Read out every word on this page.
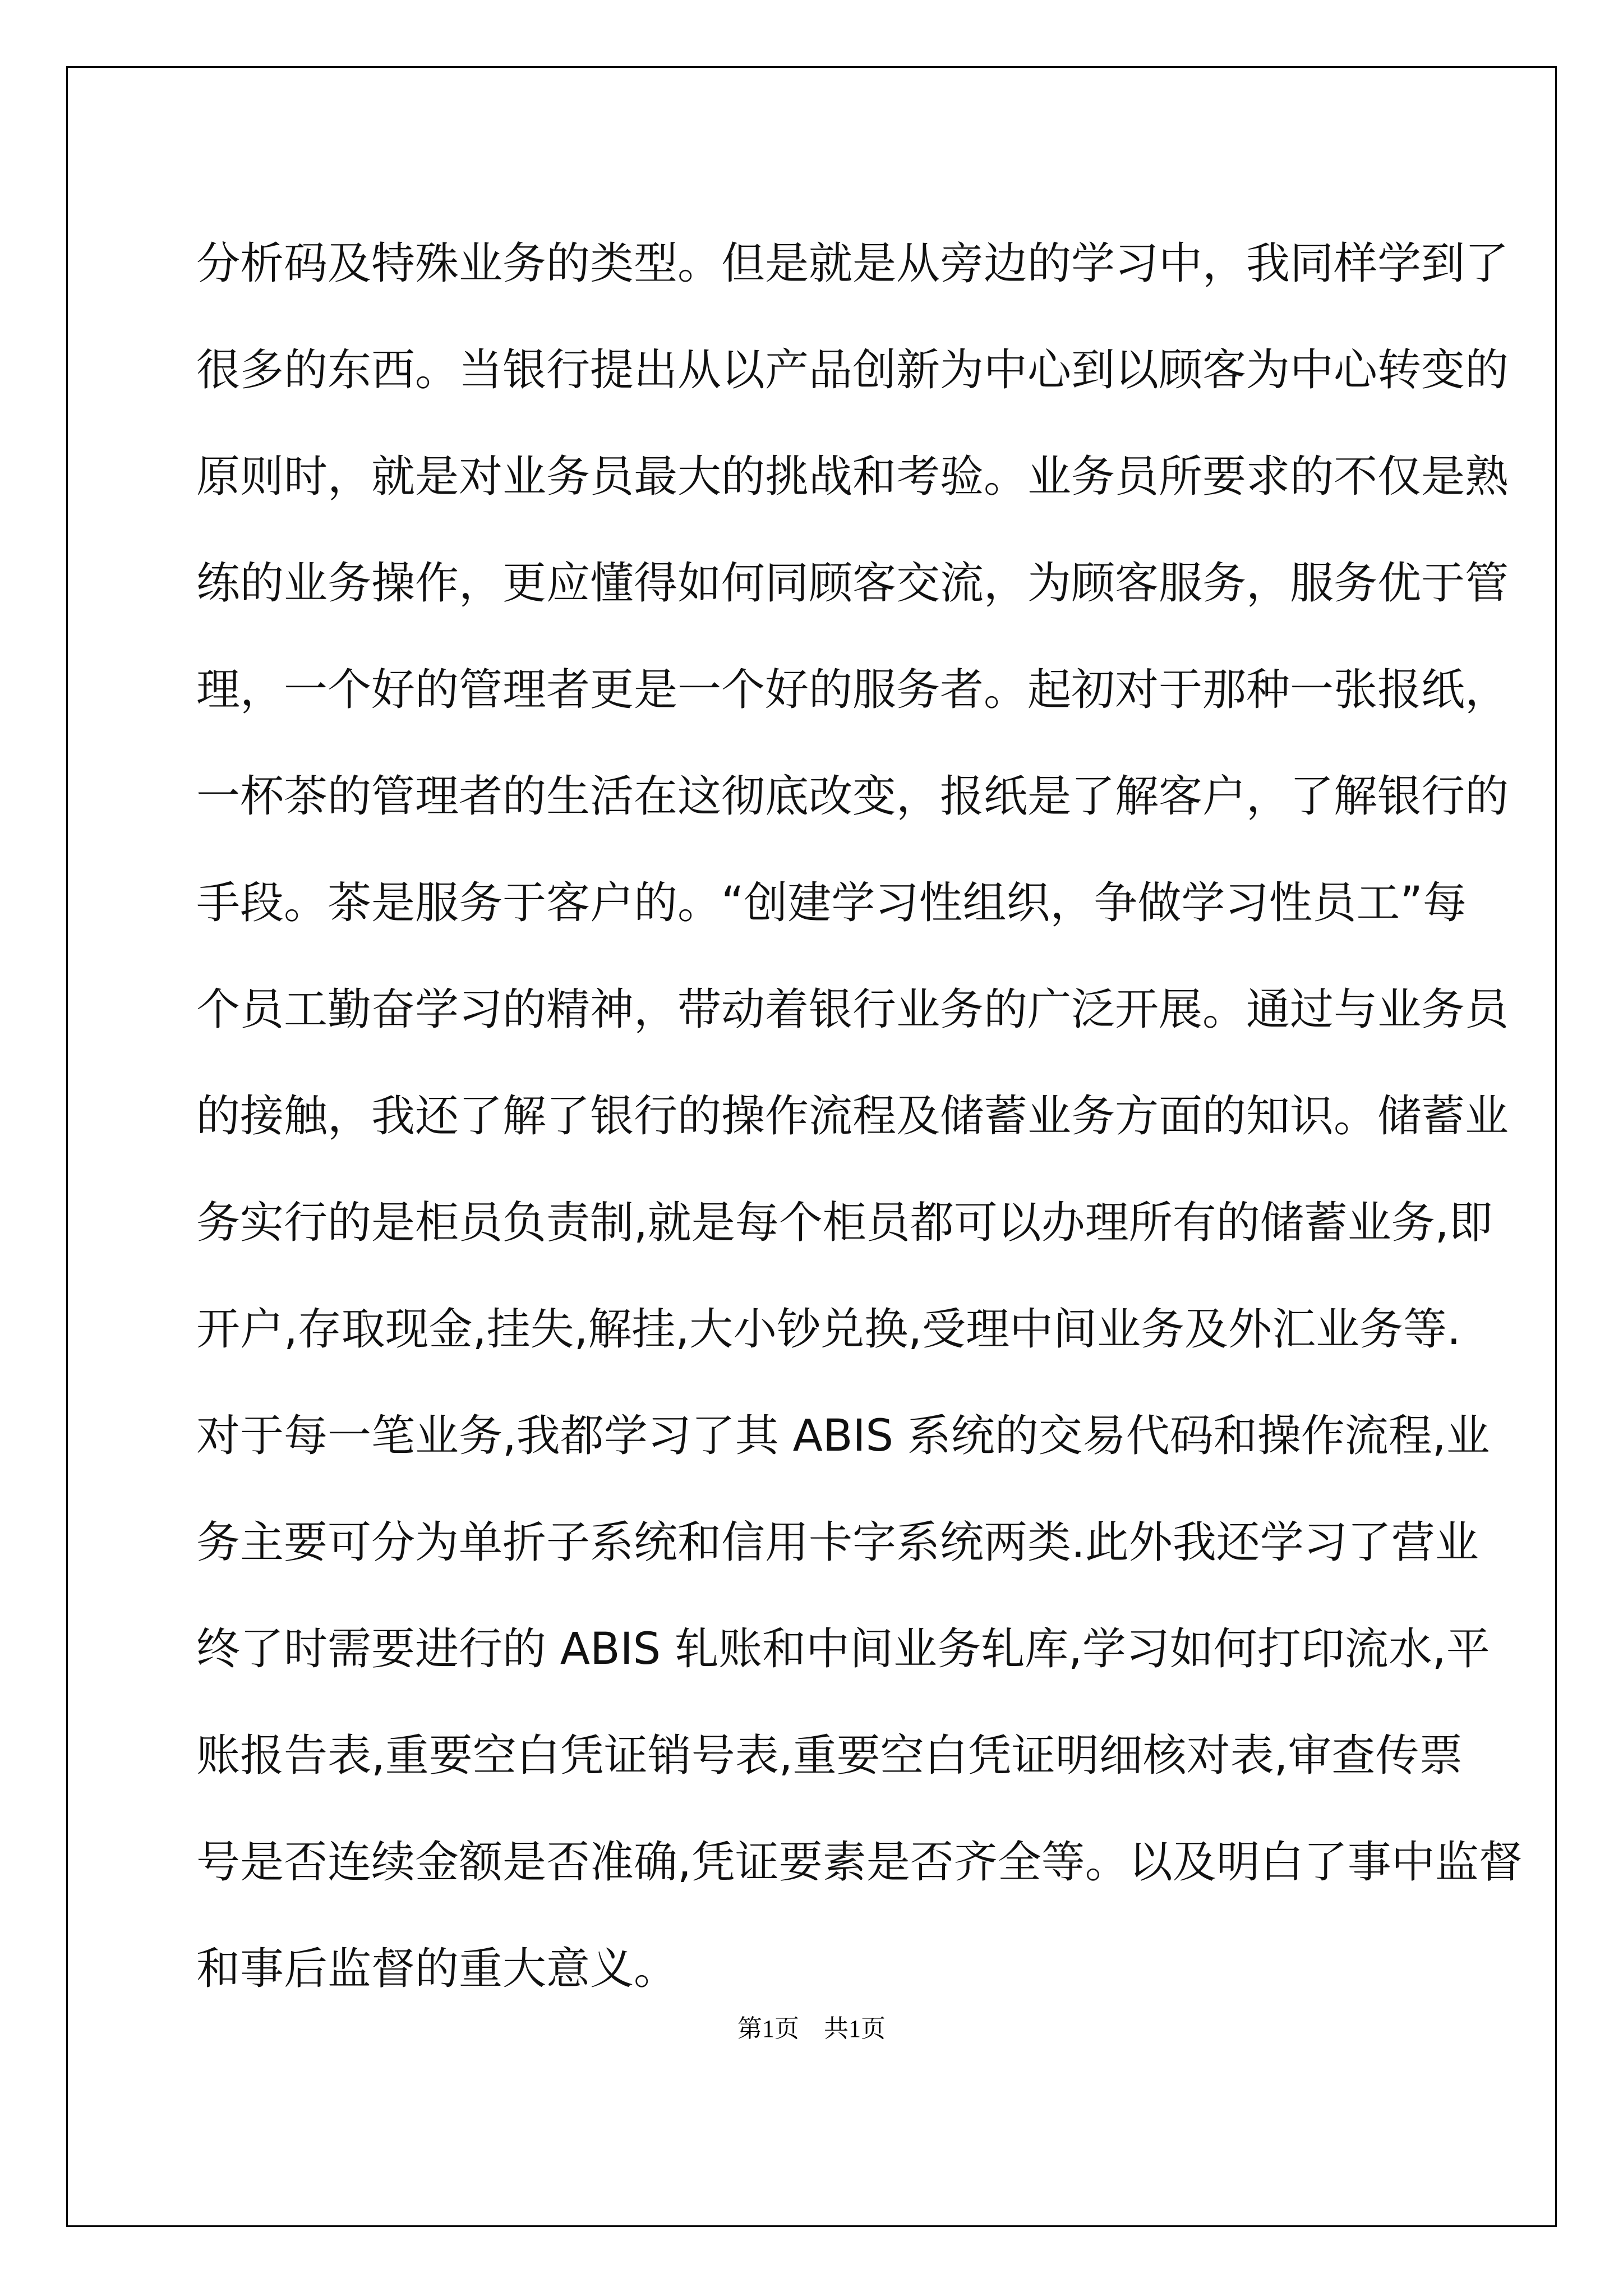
分析码及特殊业务的类型。但是就是从旁边的学习中，我同样学到了
很多的东西。当银行提出从以产品创新为中心到以顾客为中心转变的
原则时，就是对业务员最大的挑战和考验。业务员所要求的不仅是熟
练的业务操作，更应懂得如何同顾客交流，为顾客服务，服务优于管
理，一个好的管理者更是一个好的服务者。起初对于那种一张报纸，
一杯茶的管理者的生活在这彻底改变，报纸是了解客户，了解银行的
手段。茶是服务于客户的。“创建学习性组织，争做学习性员工”每
个员工勤奋学习的精神，带动着银行业务的广泛开展。通过与业务员
的接触，我还了解了银行的操作流程及储蓄业务方面的知识。储蓄业
务实行的是柜员负责制,就是每个柜员都可以办理所有的储蓄业务,即
开户,存取现金,挂失,解挂,大小钞兑换,受理中间业务及外汇业务等.
对于每一笔业务,我都学习了其 ABIS 系统的交易代码和操作流程,业
务主要可分为单折子系统和信用卡字系统两类.此外我还学习了营业
终了时需要进行的 ABIS 轧账和中间业务轧库,学习如何打印流水,平
账报告表,重要空白凭证销号表,重要空白凭证明细核对表,审查传票
号是否连续金额是否准确,凭证要素是否齐全等。以及明白了事中监督
和事后监督的重大意义。
第1页　共1页
